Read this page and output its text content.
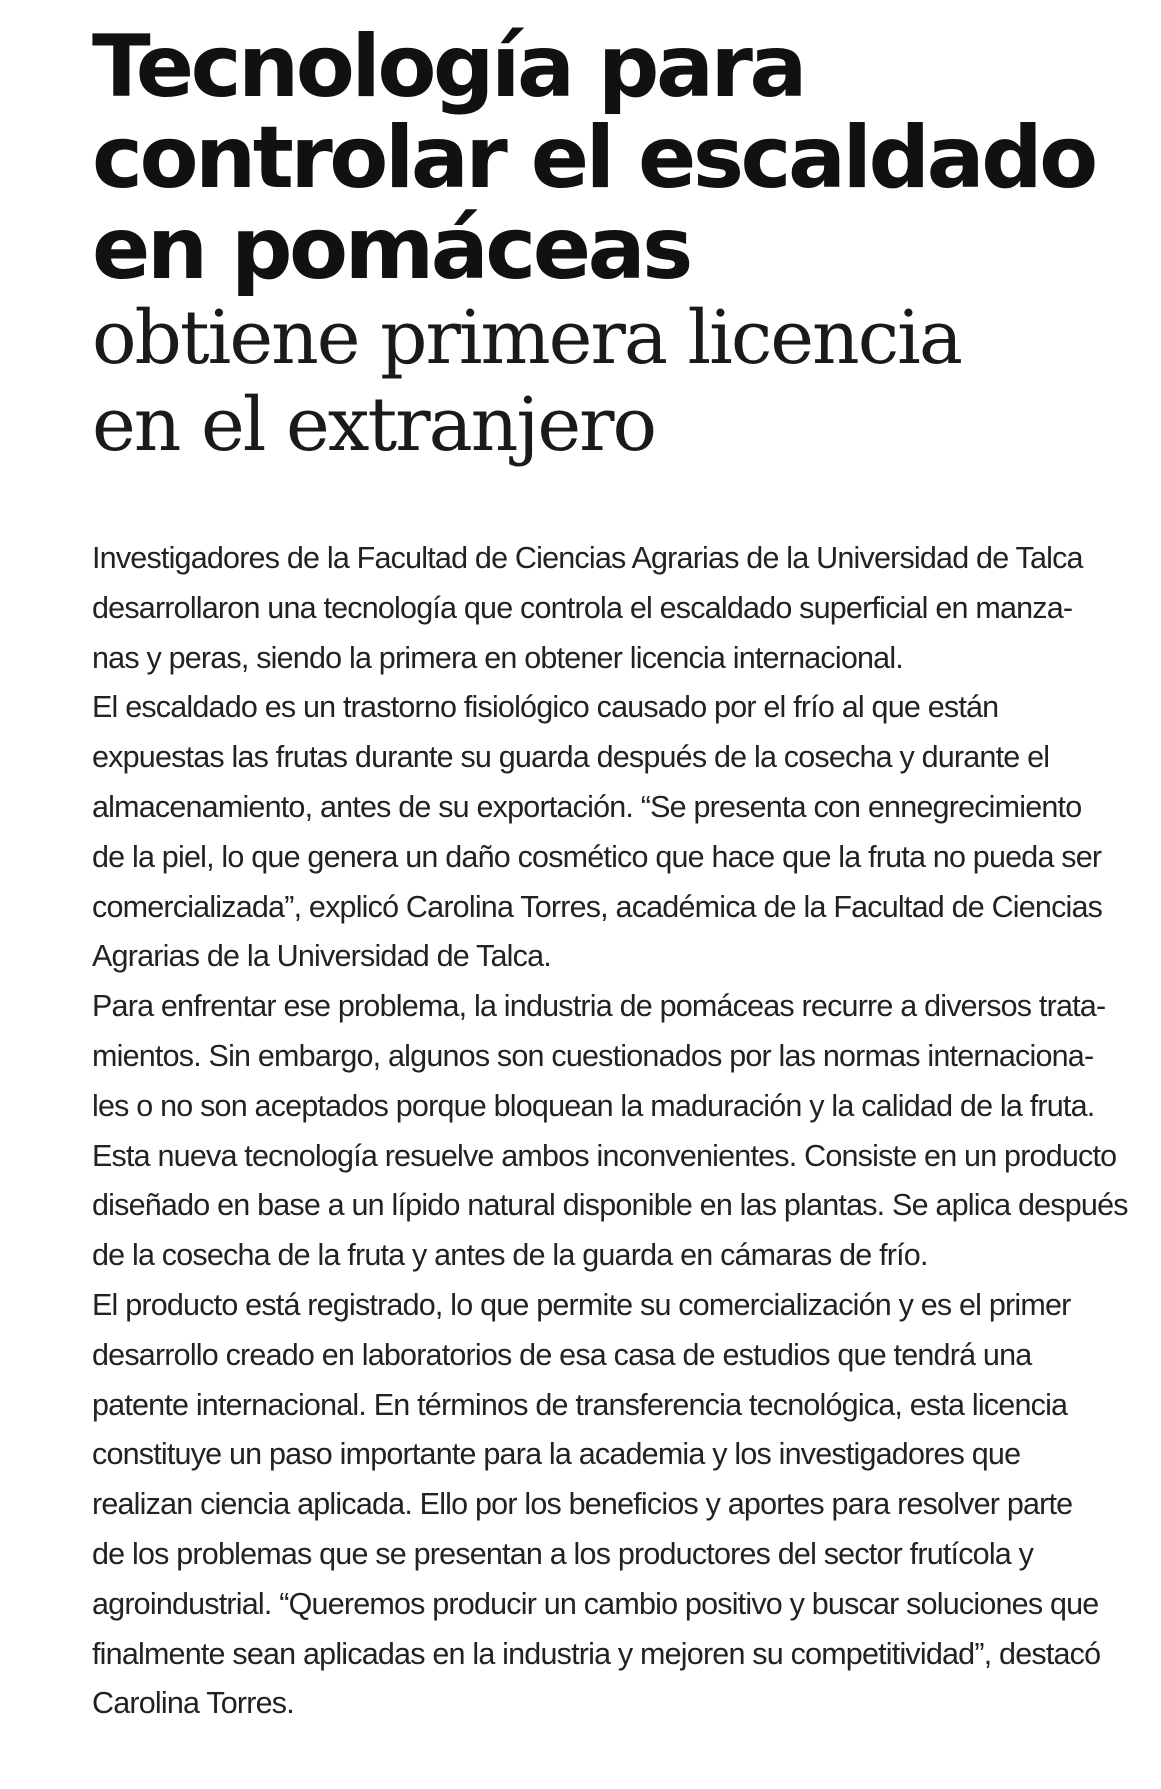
Tecnología para
controlar el escaldado
en pomáceas
obtiene primera licencia
en el extranjero
Investigadores de la Facultad de Ciencias Agrarias de la Universidad de Talca
desarrollaron una tecnología que controla el escaldado superficial en manza-
nas y peras, siendo la primera en obtener licencia internacional.
El escaldado es un trastorno fisiológico causado por el frío al que están
expuestas las frutas durante su guarda después de la cosecha y durante el
almacenamiento, antes de su exportación. “Se presenta con ennegrecimiento
de la piel, lo que genera un daño cosmético que hace que la fruta no pueda ser
comercializada”, explicó Carolina Torres, académica de la Facultad de Ciencias
Agrarias de la Universidad de Talca.
Para enfrentar ese problema, la industria de pomáceas recurre a diversos trata-
mientos. Sin embargo, algunos son cuestionados por las normas internaciona-
les o no son aceptados porque bloquean la maduración y la calidad de la fruta.
Esta nueva tecnología resuelve ambos inconvenientes. Consiste en un producto
diseñado en base a un lípido natural disponible en las plantas. Se aplica después
de la cosecha de la fruta y antes de la guarda en cámaras de frío.
El producto está registrado, lo que permite su comercialización y es el primer
desarrollo creado en laboratorios de esa casa de estudios que tendrá una
patente internacional. En términos de transferencia tecnológica, esta licencia
constituye un paso importante para la academia y los investigadores que
realizan ciencia aplicada. Ello por los beneficios y aportes para resolver parte
de los problemas que se presentan a los productores del sector frutícola y
agroindustrial. “Queremos producir un cambio positivo y buscar soluciones que
finalmente sean aplicadas en la industria y mejoren su competitividad”, destacó
Carolina Torres.
